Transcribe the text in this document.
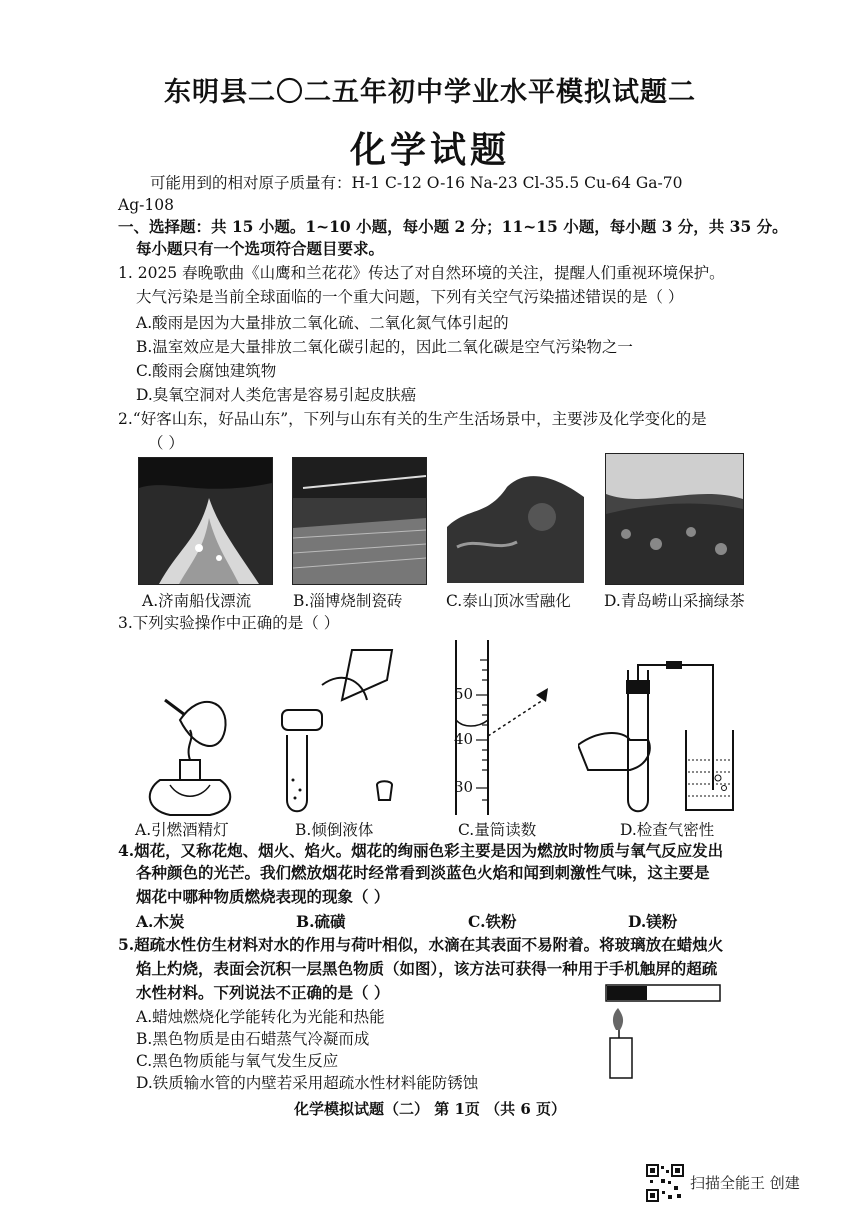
东明县二〇二五年初中学业水平模拟试题二
化学试题
可能用到的相对原子质量有：H-1 C-12 O-16 Na-23 Cl-35.5 Cu-64 Ga-70
Ag-108
一、选择题：共 15 小题。1~10 小题，每小题 2 分；11~15 小题，每小题 3 分，共 35 分。
每小题只有一个选项符合题目要求。
1. 2025 春晚歌曲《山鹰和兰花花》传达了对自然环境的关注，提醒人们重视环境保护。
大气污染是当前全球面临的一个重大问题，下列有关空气污染描述错误的是（ ）
A.酸雨是因为大量排放二氧化硫、二氧化氮气体引起的
B.温室效应是大量排放二氧化碳引起的，因此二氧化碳是空气污染物之一
C.酸雨会腐蚀建筑物
D.臭氧空洞对人类危害是容易引起皮肤癌
2.“好客山东，好品山东”，下列与山东有关的生产生活场景中，主要涉及化学变化的是
（ ）
A.济南船伐漂流	B.淄博烧制瓷砖	C.泰山顶冰雪融化 D.青岛崂山采摘绿茶
3.下列实验操作中正确的是（ ）
50
40
30
A.引燃酒精灯	B.倾倒液体	C.量筒读数	D.检查气密性
4.烟花，又称花炮、烟火、焰火。烟花的绚丽色彩主要是因为燃放时物质与氧气反应发出
各种颜色的光芒。我们燃放烟花时经常看到淡蓝色火焰和闻到刺激性气味，这主要是
烟花中哪种物质燃烧表现的现象（ ）
A.木炭	B.硫磺	C.铁粉	D.镁粉
5.超疏水性仿生材料对水的作用与荷叶相似，水滴在其表面不易附着。将玻璃放在蜡烛火
焰上灼烧，表面会沉积一层黑色物质（如图），该方法可获得一种用于手机触屏的超疏
水性材料。下列说法不正确的是（ ）
A.蜡烛燃烧化学能转化为光能和热能
B.黑色物质是由石蜡蒸气冷凝而成
C.黑色物质能与氧气发生反应
D.铁质输水管的内壁若采用超疏水性材料能防锈蚀
化学模拟试题（二） 第 1页 （共 6 页）
扫描全能王 创建
